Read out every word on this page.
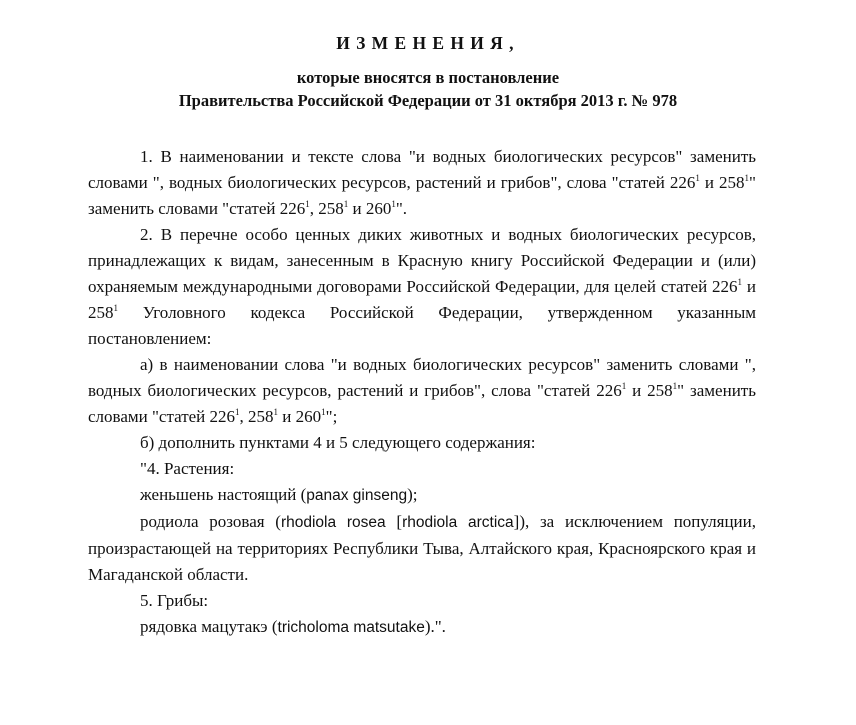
ИЗМЕНЕНИЯ,
которые вносятся в постановление
Правительства Российской Федерации от 31 октября 2013 г. № 978

1. В наименовании и тексте слова "и водных биологических ресурсов" заменить словами ", водных биологических ресурсов, растений и грибов", слова "статей $226^1$ и $258^1$" заменить словами "статей $226^1$, $258^1$ и $260^1$".

2. В перечне особо ценных диких животных и водных биологических ресурсов, принадлежащих к видам, занесенным в Красную книгу Российской Федерации и (или) охраняемым международными договорами Российской Федерации, для целей статей $226^1$ и $258^1$ Уголовного кодекса Российской Федерации, утвержденном указанным постановлением:

а) в наименовании слова "и водных биологических ресурсов" заменить словами ", водных биологических ресурсов, растений и грибов", слова "статей $226^1$ и $258^1$" заменить словами "статей $226^1$, $258^1$ и $260^1$";

б) дополнить пунктами 4 и 5 следующего содержания:

"4. Растения:

женьшень настоящий (panax ginseng);

родиола розовая (rhodiola rosea [rhodiola arctica]), за исключением популяции, произрастающей на территориях Республики Тыва, Алтайского края, Красноярского края и Магаданской области.

5. Грибы:

рядовка мацутакэ (tricholoma matsutake).".
